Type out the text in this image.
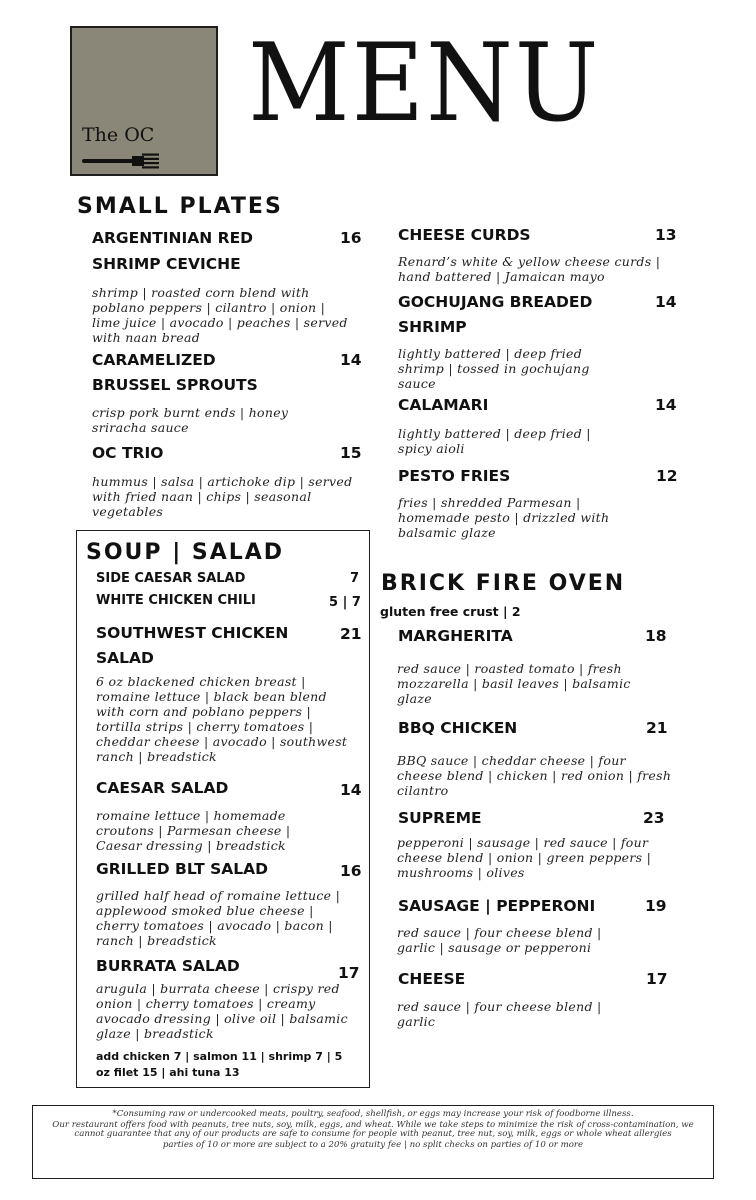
The OC MENU
SMALL PLATES
ARGENTINIAN RED
SHRIMP CEVICHE
16
shrimp | roasted corn blend with poblano peppers | cilantro | onion | lime juice | avocado | peaches | served with naan bread
CARAMELIZED
BRUSSEL SPROUTS
14
crisp pork burnt ends | honey sriracha sauce
OC TRIO	15
hummus | salsa | artichoke dip | served with fried naan | chips | seasonal vegetables
CHEESE CURDS	13
Renard’s white & yellow cheese curds | hand battered | Jamaican mayo
GOCHUJANG BREADED
SHRIMP
14
lightly battered | deep fried shrimp | tossed in gochujang sauce
CALAMARI	14
lightly battered | deep fried | spicy aioli
PESTO FRIES	12
fries | shredded Parmesan | homemade pesto | drizzled with balsamic glaze
SOUP | SALAD
SIDE CAESAR SALAD	7
WHITE CHICKEN CHILI	5 | 7
SOUTHWEST CHICKEN
SALAD
21
6 oz blackened chicken breast | romaine lettuce | black bean blend with corn and poblano peppers | tortilla strips | cherry tomatoes | cheddar cheese | avocado | southwest ranch | breadstick
CAESAR SALAD	14
romaine lettuce | homemade croutons | Parmesan cheese | Caesar dressing | breadstick
GRILLED BLT SALAD	16
grilled half head of romaine lettuce | applewood smoked blue cheese | cherry tomatoes | avocado | bacon | ranch | breadstick
BURRATA SALAD	17
arugula | burrata cheese | crispy red onion | cherry tomatoes | creamy avocado dressing | olive oil | balsamic glaze | breadstick
add chicken 7 | salmon 11 | shrimp 7 | 5 oz filet 15 | ahi tuna 13
BRICK FIRE OVEN
gluten free crust | 2
MARGHERITA	18
red sauce | roasted tomato | fresh mozzarella | basil leaves | balsamic glaze
BBQ CHICKEN	21
BBQ sauce | cheddar cheese | four cheese blend | chicken | red onion | fresh cilantro
SUPREME	23
pepperoni | sausage | red sauce | four cheese blend | onion | green peppers | mushrooms | olives
SAUSAGE | PEPPERONI	19
red sauce | four cheese blend | garlic | sausage or pepperoni
CHEESE	17
red sauce | four cheese blend | garlic

*Consuming raw or undercooked meats, poultry, seafood, shellfish, or eggs may increase your risk of foodborne illness.

Our restaurant offers food with peanuts, tree nuts, soy, milk, eggs, and wheat. While we take steps to minimize the risk of cross-contamination, we cannot guarantee that any of our products are safe to consume for people with peanut, tree nut, soy, milk, eggs or whole wheat allergies

parties of 10 or more are subject to a 20% gratuity fee | no split checks on parties of 10 or more
